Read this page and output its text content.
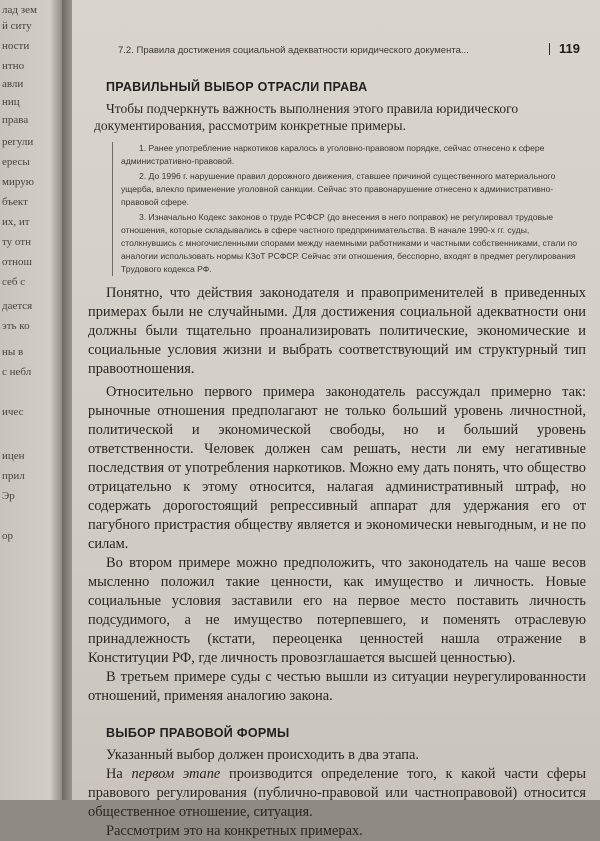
лад зем
й ситу
ности
нтно
авли
ниц
права
регули
ересы
мирую
бъект
их, ит
ту отн
отнош
себ с
дается
эть ко
ны в
с небл
ичес
ицен
прил
Эр
ор
7.2. Правила достижения социальной адекватности юридического документа...	119
ПРАВИЛЬНЫЙ ВЫБОР ОТРАСЛИ ПРАВА

Чтобы подчеркнуть важность выполнения этого правила юридического документирования, рассмотрим конкретные примеры.

1. Ранее употребление наркотиков каралось в уголовно-правовом порядке, сейчас отнесено к сфере административно-правовой.

2. До 1996 г. нарушение правил дорожного движения, ставшее причиной существенного материального ущерба, влекло применение уголовной санкции. Сейчас это правонарушение отнесено к административно-правовой сфере.

3. Изначально Кодекс законов о труде РСФСР (до внесения в него поправок) не регулировал трудовые отношения, которые складывались в сфере частного предпринимательства. В начале 1990-х гг. суды, столкнувшись с многочисленными спорами между наемными работниками и частными собственниками, стали по аналогии использовать нормы КЗоТ РСФСР. Сейчас эти отношения, бесспорно, входят в предмет регулирования Трудового кодекса РФ.

Понятно, что действия законодателя и правоприменителей в приведенных примерах были не случайными. Для достижения социальной адекватности они должны были тщательно проанализировать политические, экономические и социальные условия жизни и выбрать соответствующий им структурный тип правоотношения.

Относительно первого примера законодатель рассуждал примерно так: рыночные отношения предполагают не только больший уровень личностной, политической и экономической свободы, но и больший уровень ответственности. Человек должен сам решать, нести ли ему негативные последствия от употребления наркотиков. Можно ему дать понять, что общество отрицательно к этому относится, налагая административный штраф, но содержать дорогостоящий репрессивный аппарат для удержания его от пагубного пристрастия обществу является и экономически невыгодным, и не по силам.

Во втором примере можно предположить, что законодатель на чаше весов мысленно положил такие ценности, как имущество и личность. Новые социальные условия заставили его на первое место поставить личность подсудимого, а не имущество потерпевшего, и поменять отраслевую принадлежность (кстати, переоценка ценностей нашла отражение в Конституции РФ, где личность провозглашается высшей ценностью).

В третьем примере суды с честью вышли из ситуации неурегулированности отношений, применяя аналогию закона.

ВЫБОР ПРАВОВОЙ ФОРМЫ

Указанный выбор должен происходить в два этапа.

На первом этапе производится определение того, к какой части сферы правового регулирования (публично-правовой или частноправовой) относится общественное отношение, ситуация.

Рассмотрим это на конкретных примерах.
